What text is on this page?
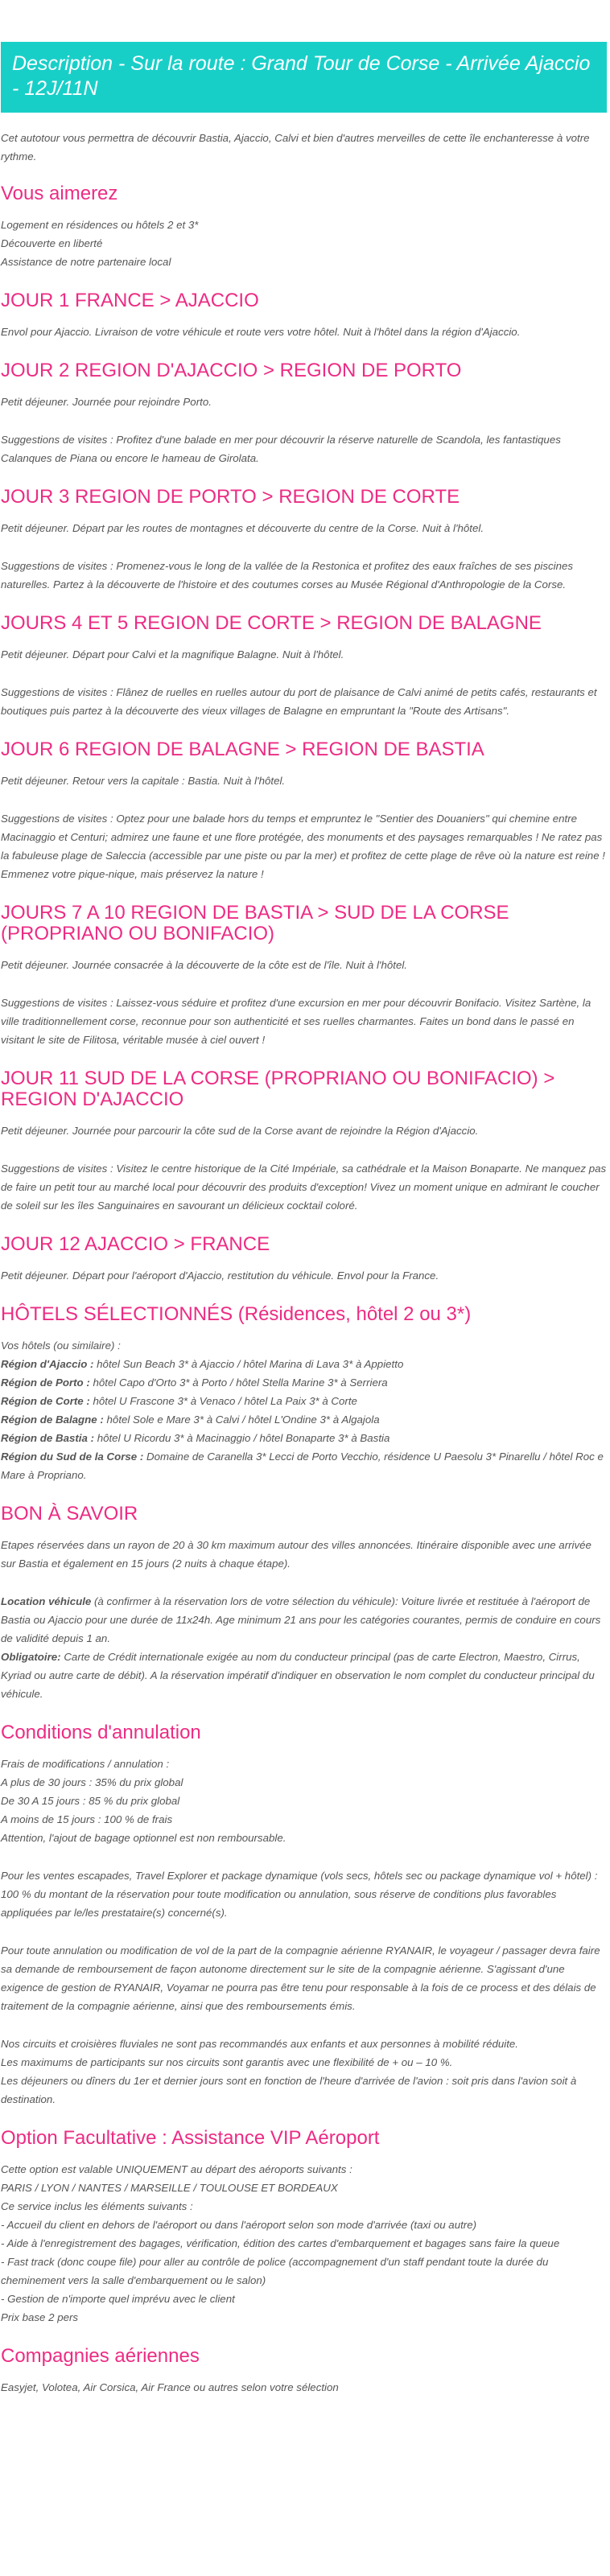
Description - Sur la route : Grand Tour de Corse - Arrivée Ajaccio - 12J/11N

Cet autotour vous permettra de découvrir Bastia, Ajaccio, Calvi et bien d'autres merveilles de cette île enchanteresse à votre rythme.

Vous aimerez
Logement en résidences ou hôtels 2 et 3*
Découverte en liberté
Assistance de notre partenaire local
JOUR 1 FRANCE > AJACCIO

Envol pour Ajaccio. Livraison de votre véhicule et route vers votre hôtel. Nuit à l'hôtel dans la région d'Ajaccio.

JOUR 2 REGION D'AJACCIO > REGION DE PORTO

Petit déjeuner. Journée pour rejoindre Porto.

Suggestions de visites : Profitez d'une balade en mer pour découvrir la réserve naturelle de Scandola, les fantastiques Calanques de Piana ou encore le hameau de Girolata.

JOUR 3 REGION DE PORTO > REGION DE CORTE

Petit déjeuner. Départ par les routes de montagnes et découverte du centre de la Corse. Nuit à l'hôtel.

Suggestions de visites : Promenez-vous le long de la vallée de la Restonica et profitez des eaux fraîches de ses piscines naturelles. Partez à la découverte de l'histoire et des coutumes corses au Musée Régional d'Anthropologie de la Corse.

JOURS 4 ET 5 REGION DE CORTE > REGION DE BALAGNE

Petit déjeuner. Départ pour Calvi et la magnifique Balagne. Nuit à l'hôtel.

Suggestions de visites : Flânez de ruelles en ruelles autour du port de plaisance de Calvi animé de petits cafés, restaurants et boutiques puis partez à la découverte des vieux villages de Balagne en empruntant la "Route des Artisans".

JOUR 6 REGION DE BALAGNE > REGION DE BASTIA

Petit déjeuner. Retour vers la capitale : Bastia. Nuit à l'hôtel.

Suggestions de visites : Optez pour une balade hors du temps et empruntez le "Sentier des Douaniers" qui chemine entre Macinaggio et Centuri; admirez une faune et une flore protégée, des monuments et des paysages remarquables ! Ne ratez pas la fabuleuse plage de Saleccia (accessible par une piste ou par la mer) et profitez de cette plage de rêve où la nature est reine ! Emmenez votre pique-nique, mais préservez la nature !

JOURS 7 A 10 REGION DE BASTIA > SUD DE LA CORSE (PROPRIANO OU BONIFACIO)

Petit déjeuner. Journée consacrée à la découverte de la côte est de l'île. Nuit à l'hôtel.

Suggestions de visites : Laissez-vous séduire et profitez d'une excursion en mer pour découvrir Bonifacio. Visitez Sartène, la ville traditionnellement corse, reconnue pour son authenticité et ses ruelles charmantes. Faites un bond dans le passé en visitant le site de Filitosa, véritable musée à ciel ouvert !

JOUR 11 SUD DE LA CORSE (PROPRIANO OU BONIFACIO) > REGION D'AJACCIO

Petit déjeuner. Journée pour parcourir la côte sud de la Corse avant de rejoindre la Région d'Ajaccio.

Suggestions de visites : Visitez le centre historique de la Cité Impériale, sa cathédrale et la Maison Bonaparte. Ne manquez pas de faire un petit tour au marché local pour découvrir des produits d'exception! Vivez un moment unique en admirant le coucher de soleil sur les îles Sanguinaires en savourant un délicieux cocktail coloré.

JOUR 12 AJACCIO > FRANCE

Petit déjeuner. Départ pour l'aéroport d'Ajaccio, restitution du véhicule. Envol pour la France.

HÔTELS SÉLECTIONNÉS (Résidences, hôtel 2 ou 3*)
Vos hôtels (ou similaire) :
Région d'Ajaccio : hôtel Sun Beach 3* à Ajaccio / hôtel Marina di Lava 3* à Appietto
Région de Porto : hôtel Capo d'Orto 3* à Porto / hôtel Stella Marine 3* à Serriera
Région de Corte : hôtel U Frascone 3* à Venaco / hôtel La Paix 3* à Corte
Région de Balagne : hôtel Sole e Mare 3* à Calvi / hôtel L'Ondine 3* à Algajola
Région de Bastia : hôtel U Ricordu 3* à Macinaggio / hôtel Bonaparte 3* à Bastia
Région du Sud de la Corse : Domaine de Caranella 3* Lecci de Porto Vecchio, résidence U Paesolu 3* Pinarellu / hôtel Roc e Mare à Propriano.
BON À SAVOIR

Etapes réservées dans un rayon de 20 à 30 km maximum autour des villes annoncées. Itinéraire disponible avec une arrivée sur Bastia et également en 15 jours (2 nuits à chaque étape).

Location véhicule (à confirmer à la réservation lors de votre sélection du véhicule): Voiture livrée et restituée à l'aéroport de Bastia ou Ajaccio pour une durée de 11x24h. Age minimum 21 ans pour les catégories courantes, permis de conduire en cours de validité depuis 1 an.

Obligatoire: Carte de Crédit internationale exigée au nom du conducteur principal (pas de carte Electron, Maestro, Cirrus, Kyriad ou autre carte de débit). A la réservation impératif d'indiquer en observation le nom complet du conducteur principal du véhicule.

Conditions d'annulation
Frais de modifications / annulation :
A plus de 30 jours : 35% du prix global
De 30 A 15 jours : 85 % du prix global
A moins de 15 jours : 100 % de frais
Attention, l'ajout de bagage optionnel est non remboursable.

Pour les ventes escapades, Travel Explorer et package dynamique (vols secs, hôtels sec ou package dynamique vol + hôtel) : 100 % du montant de la réservation pour toute modification ou annulation, sous réserve de conditions plus favorables appliquées par le/les prestataire(s) concerné(s).

Pour toute annulation ou modification de vol de la part de la compagnie aérienne RYANAIR, le voyageur / passager devra faire sa demande de remboursement de façon autonome directement sur le site de la compagnie aérienne. S'agissant d'une exigence de gestion de RYANAIR, Voyamar ne pourra pas être tenu pour responsable à la fois de ce process et des délais de traitement de la compagnie aérienne, ainsi que des remboursements émis.

Nos circuits et croisières fluviales ne sont pas recommandés aux enfants et aux personnes à mobilité réduite.
Les maximums de participants sur nos circuits sont garantis avec une flexibilité de + ou – 10 %.
Les déjeuners ou dîners du 1er et dernier jours sont en fonction de l'heure d'arrivée de l'avion : soit pris dans l'avion soit à destination.
Option Facultative : Assistance VIP Aéroport
Cette option est valable UNIQUEMENT au départ des aéroports suivants :
PARIS / LYON / NANTES / MARSEILLE / TOULOUSE ET BORDEAUX
Ce service inclus les éléments suivants :
- Accueil du client en dehors de l'aéroport ou dans l'aéroport selon son mode d'arrivée (taxi ou autre)
- Aide à l'enregistrement des bagages, vérification, édition des cartes d'embarquement et bagages sans faire la queue
- Fast track (donc coupe file) pour aller au contrôle de police (accompagnement d'un staff pendant toute la durée du cheminement vers la salle d'embarquement ou le salon)
- Gestion de n'importe quel imprévu avec le client
Prix base 2 pers
Compagnies aériennes

Easyjet, Volotea, Air Corsica, Air France ou autres selon votre sélection
